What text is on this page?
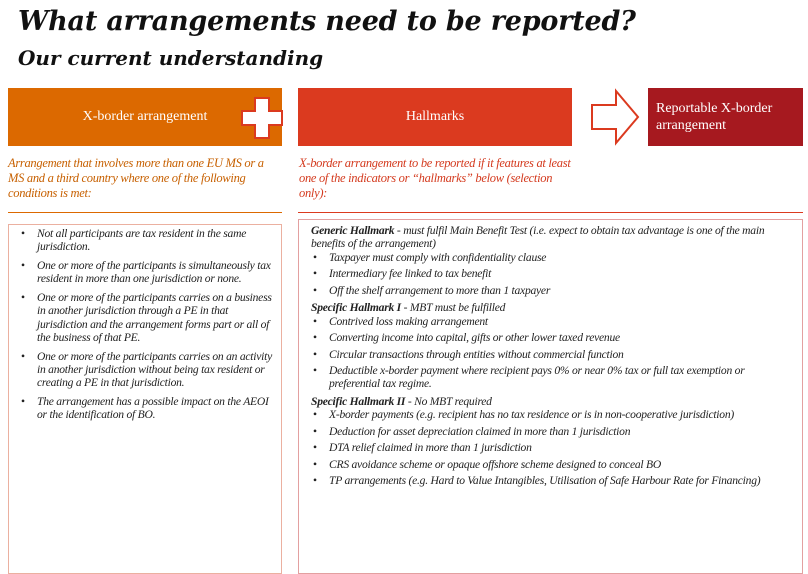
What arrangements need to be reported?
Our current understanding
X-border arrangement	Hallmarks
Reportable X-border arrangement

Arrangement that involves more than one EU MS or a MS and a third country where one of the following conditions is met:

X-border arrangement to be reported if it features at least one of the indicators or “hallmarks” below (selection only):

• Not all participants are tax resident in the same jurisdiction.
• One or more of the participants is simultaneously tax resident in more than one jurisdiction or none.
• One or more of the participants carries on a business in another jurisdiction through a PE in that jurisdiction and the arrangement forms part or all of the business of that PE.
• One or more of the participants carries on an activity in another jurisdiction without being tax resident or creating a PE in that jurisdiction.
• The arrangement has a possible impact on the AEOI or the identification of BO.
Generic Hallmark - must fulfil Main Benefit Test (i.e. expect to obtain tax advantage is one of the main benefits of the arrangement)
• Taxpayer must comply with confidentiality clause
• Intermediary fee linked to tax benefit
• Off the shelf arrangement to more than 1 taxpayer
Specific Hallmark I - MBT must be fulfilled
• Contrived loss making arrangement
• Converting income into capital, gifts or other lower taxed revenue
• Circular transactions through entities without commercial function
• Deductible x-border payment where recipient pays 0% or near 0% tax or full tax exemption or preferential tax regime.
Specific Hallmark II - No MBT required
• X-border payments (e.g. recipient has no tax residence or is in non-cooperative jurisdiction)
• Deduction for asset depreciation claimed in more than 1 jurisdiction
• DTA relief claimed in more than 1 jurisdiction
• CRS avoidance scheme or opaque offshore scheme designed to conceal BO
• TP arrangements (e.g. Hard to Value Intangibles, Utilisation of Safe Harbour Rate for Financing)
